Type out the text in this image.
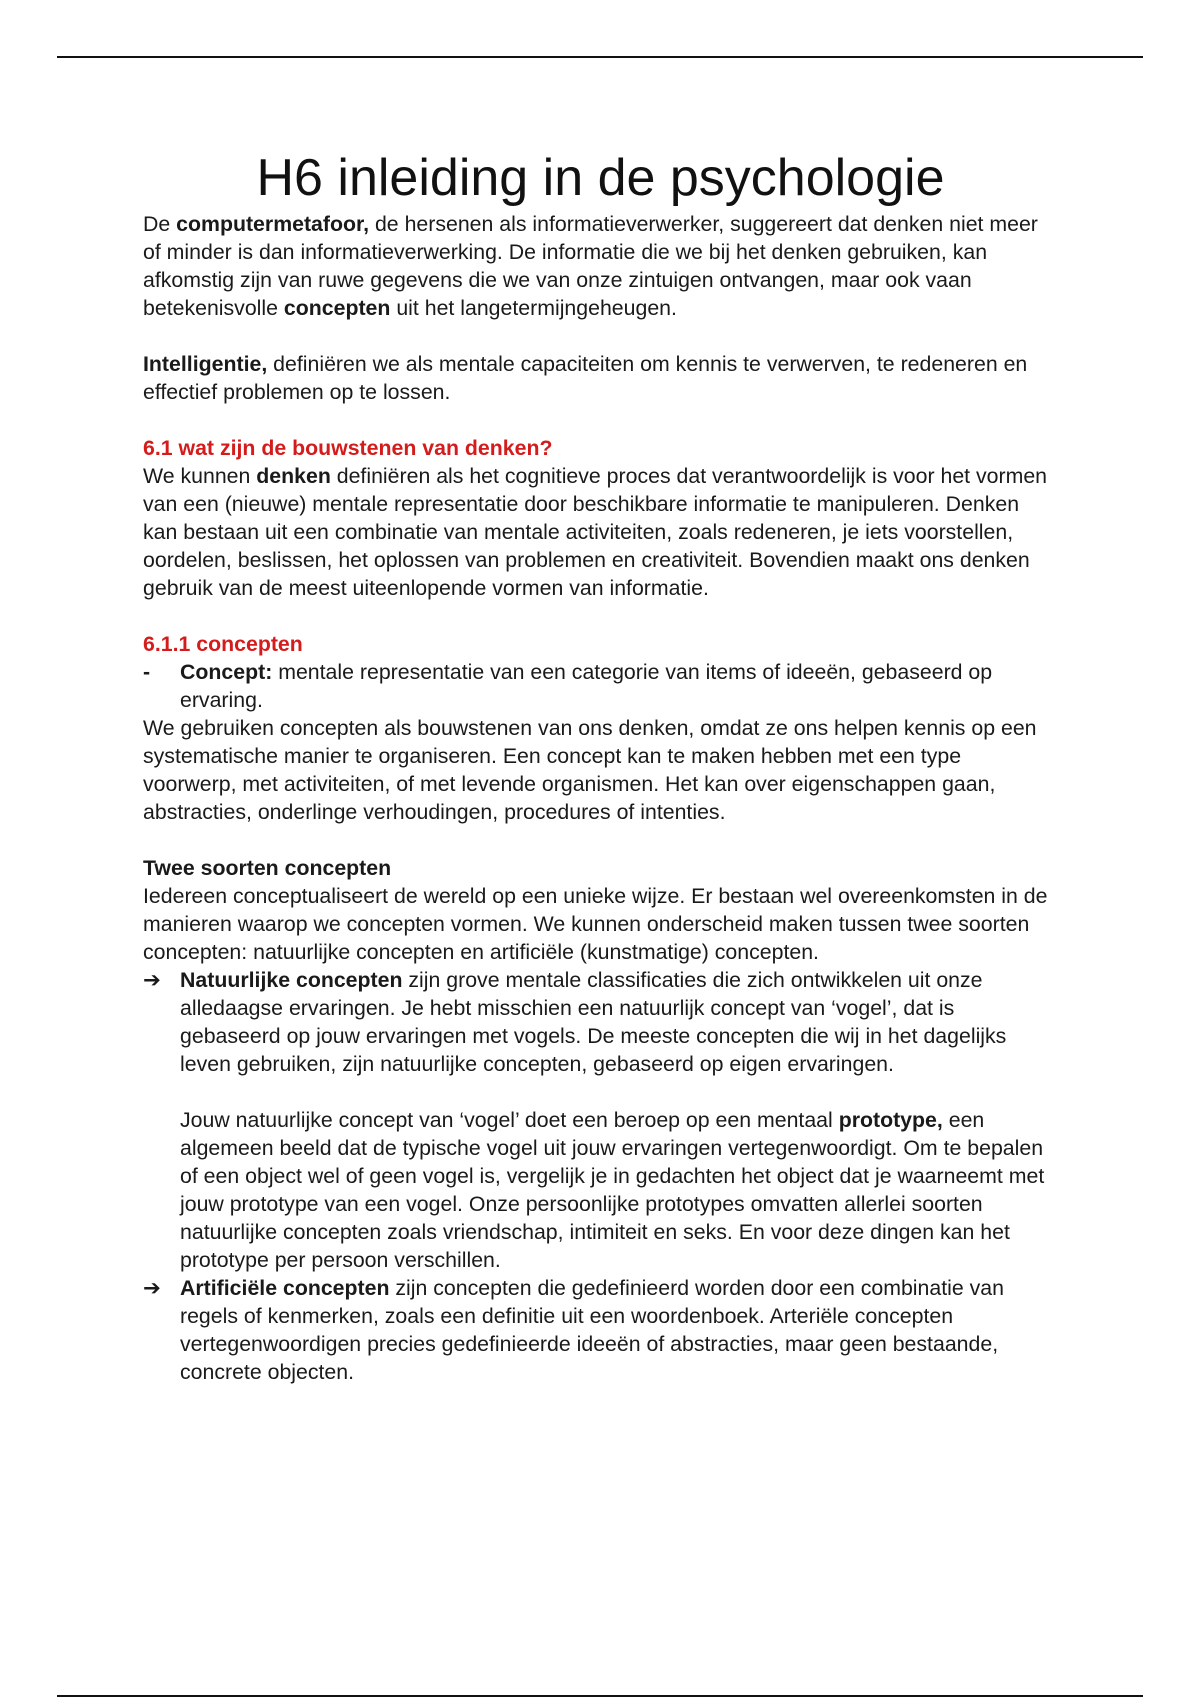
H6 inleiding in de psychologie

De computermetafoor, de hersenen als informatieverwerker, suggereert dat denken niet meer of minder is dan informatieverwerking. De informatie die we bij het denken gebruiken, kan afkomstig zijn van ruwe gegevens die we van onze zintuigen ontvangen, maar ook vaan betekenisvolle concepten uit het langetermijngeheugen.

Intelligentie, definiëren we als mentale capaciteiten om kennis te verwerven, te redeneren en effectief problemen op te lossen.

6.1 wat zijn de bouwstenen van denken?

We kunnen denken definiëren als het cognitieve proces dat verantwoordelijk is voor het vormen van een (nieuwe) mentale representatie door beschikbare informatie te manipuleren. Denken kan bestaan uit een combinatie van mentale activiteiten, zoals redeneren, je iets voorstellen, oordelen, beslissen, het oplossen van problemen en creativiteit. Bovendien maakt ons denken gebruik van de meest uiteenlopende vormen van informatie.

6.1.1 concepten

-	Concept: mentale representatie van een categorie van items of ideeën, gebaseerd op ervaring.

We gebruiken concepten als bouwstenen van ons denken, omdat ze ons helpen kennis op een systematische manier te organiseren. Een concept kan te maken hebben met een type voorwerp, met activiteiten, of met levende organismen. Het kan over eigenschappen gaan, abstracties, onderlinge verhoudingen, procedures of intenties.

Twee soorten concepten

Iedereen conceptualiseert de wereld op een unieke wijze. Er bestaan wel overeenkomsten in de manieren waarop we concepten vormen. We kunnen onderscheid maken tussen twee soorten concepten: natuurlijke concepten en artificiële (kunstmatige) concepten.

➔ Natuurlijke concepten zijn grove mentale classificaties die zich ontwikkelen uit onze alledaagse ervaringen. Je hebt misschien een natuurlijk concept van ‘vogel’, dat is gebaseerd op jouw ervaringen met vogels. De meeste concepten die wij in het dagelijks leven gebruiken, zijn natuurlijke concepten, gebaseerd op eigen ervaringen.
Jouw natuurlijke concept van ‘vogel’ doet een beroep op een mentaal prototype, een algemeen beeld dat de typische vogel uit jouw ervaringen vertegenwoordigt. Om te bepalen of een object wel of geen vogel is, vergelijk je in gedachten het object dat je waarneemt met jouw prototype van een vogel. Onze persoonlijke prototypes omvatten allerlei soorten natuurlijke concepten zoals vriendschap, intimiteit en seks. En voor deze dingen kan het prototype per persoon verschillen.
➔ Artificiële concepten zijn concepten die gedefinieerd worden door een combinatie van regels of kenmerken, zoals een definitie uit een woordenboek. Arteriële concepten vertegenwoordigen precies gedefinieerde ideeën of abstracties, maar geen bestaande, concrete objecten.
